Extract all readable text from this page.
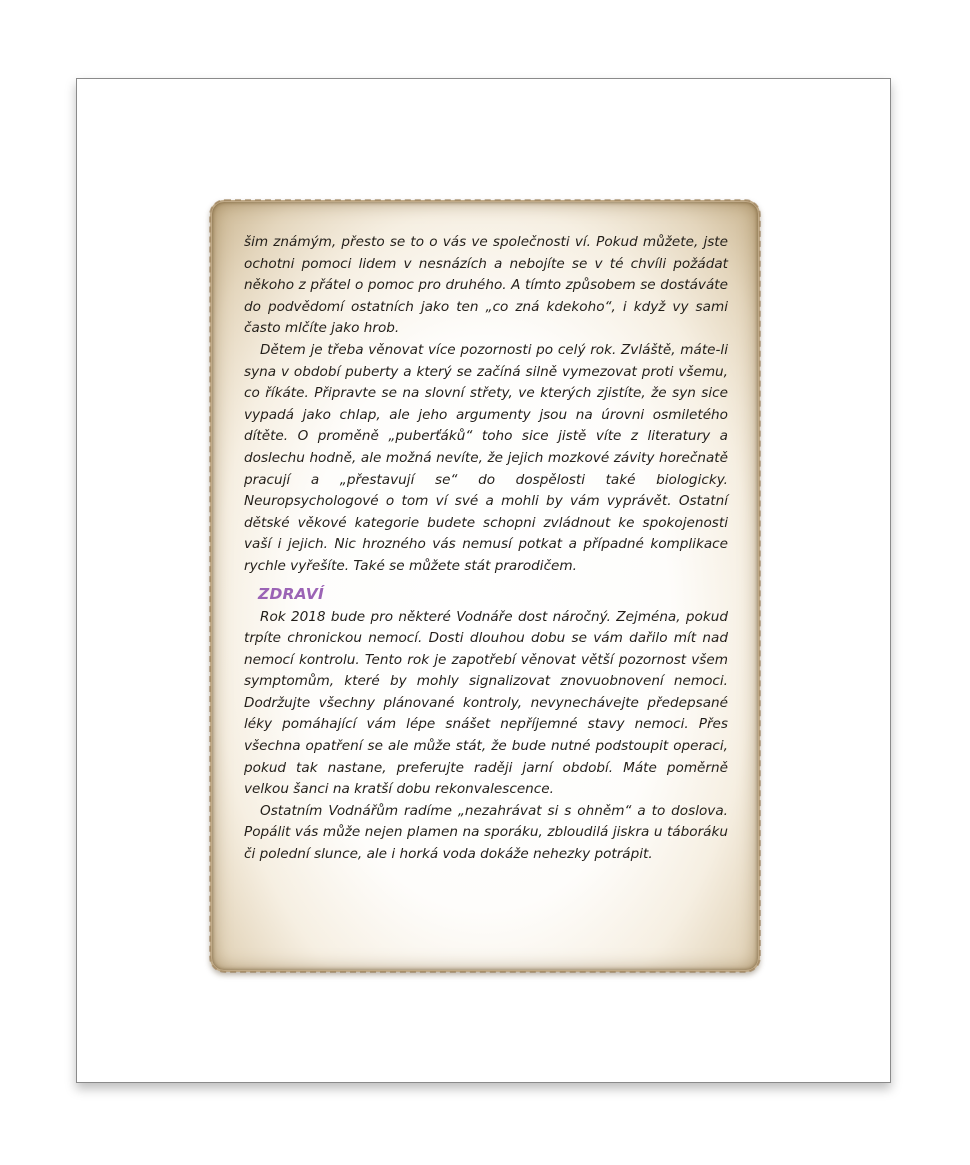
šim známým, přesto se to o vás ve společnosti ví. Pokud můžete, jste ochotni pomoci lidem v nesnázích a nebojíte se v té chvíli požádat někoho z přátel o pomoc pro druhého. A tímto způsobem se dostáváte do podvědomí ostatních jako ten „co zná kdekoho“, i když vy sami často mlčíte jako hrob.

Dětem je třeba věnovat více pozornosti po celý rok. Zvláště, máte-li syna v období puberty a který se začíná silně vymezovat proti všemu, co říkáte. Připravte se na slovní střety, ve kterých zjistíte, že syn sice vypadá jako chlap, ale jeho argumenty jsou na úrovni osmiletého dítěte. O proměně „puberťáků“ toho sice jistě víte z literatury a doslechu hodně, ale možná nevíte, že jejich mozkové závity horečnatě pracují a „přestavují se“ do dospělosti také biologicky. Neuropsychologové o tom ví své a mohli by vám vyprávět. Ostatní dětské věkové kategorie budete schopni zvládnout ke spokojenosti vaší i jejich. Nic hrozného vás nemusí potkat a případné komplikace rychle vyřešíte. Také se můžete stát prarodičem.

ZDRAVÍ

Rok 2018 bude pro některé Vodnáře dost náročný. Zejména, pokud trpíte chronickou nemocí. Dosti dlouhou dobu se vám dařilo mít nad nemocí kontrolu. Tento rok je zapotřebí věnovat větší pozornost všem symptomům, které by mohly signalizovat znovuobnovení nemoci. Dodržujte všechny plánované kontroly, nevynechávejte předepsané léky pomáhající vám lépe snášet nepříjemné stavy nemoci. Přes všechna opatření se ale může stát, že bude nutné podstoupit operaci, pokud tak nastane, preferujte raději jarní období. Máte poměrně velkou šanci na kratší dobu rekonvalescence.

Ostatním Vodnářům radíme „nezahrávat si s ohněm“ a to doslova. Popálit vás může nejen plamen na sporáku, zbloudilá jiskra u táboráku či polední slunce, ale i horká voda dokáže nehezky potrápit.
